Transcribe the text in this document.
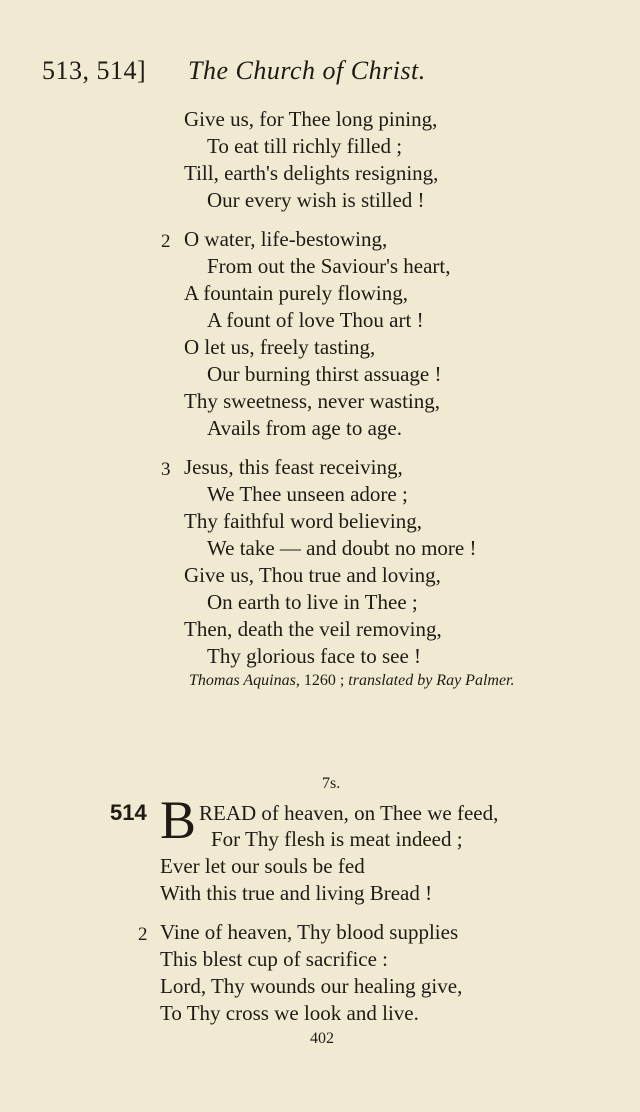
513, 514] The Church of Christ.
Give us, for Thee long pining,
To eat till richly filled ;
Till, earth's delights resigning,
Our every wish is stilled !
2 O water, life-bestowing,
From out the Saviour's heart,
A fountain purely flowing,
A fount of love Thou art !
O let us, freely tasting,
Our burning thirst assuage !
Thy sweetness, never wasting,
Avails from age to age.
3 Jesus, this feast receiving,
We Thee unseen adore ;
Thy faithful word believing,
We take — and doubt no more !
Give us, Thou true and loving,
On earth to live in Thee ;
Then, death the veil removing,
Thy glorious face to see !
Thomas Aquinas, 1260 ; translated by Ray Palmer.
7s.
514 B READ of heaven, on Thee we feed,
For Thy flesh is meat indeed ;
Ever let our souls be fed
With this true and living Bread !
2 Vine of heaven, Thy blood supplies
This blest cup of sacrifice :
Lord, Thy wounds our healing give,
To Thy cross we look and live.
402
